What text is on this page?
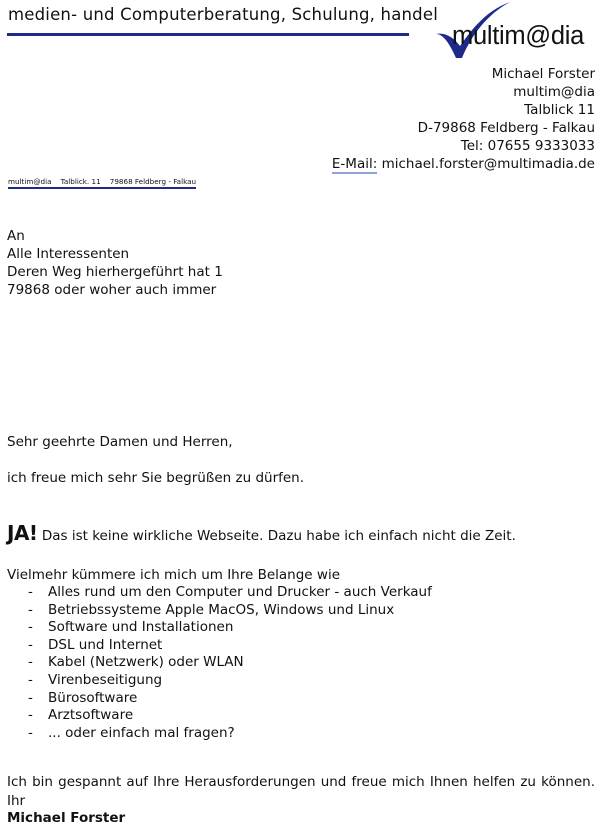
medien- und Computerberatung, Schulung, handel
multim@dia
Michael Forster
multim@dia
Talblick 11
D-79868 Feldberg - Falkau
Tel: 07655 9333033
E-Mail: michael.forster@multimadia.de
multim@dia    Talblick. 11    79868 Feldberg - Falkau
An
Alle Interessenten
Deren Weg hierhergeführt hat 1
79868 oder woher auch immer
Sehr geehrte Damen und Herren,
ich freue mich sehr Sie begrüßen zu dürfen.
JA! Das ist keine wirkliche Webseite. Dazu habe ich einfach nicht die Zeit.
Vielmehr kümmere ich mich um Ihre Belange wie
- Alles rund um den Computer und Drucker - auch Verkauf
- Betriebssysteme Apple MacOS, Windows und Linux
- Software und Installationen
- DSL und Internet
- Kabel (Netzwerk) oder WLAN
- Virenbeseitigung
- Bürosoftware
- Arztsoftware
- ... oder einfach mal fragen?
Ich bin gespannt auf Ihre Herausforderungen und freue mich Ihnen helfen zu können.
Ihr
Michael Forster
